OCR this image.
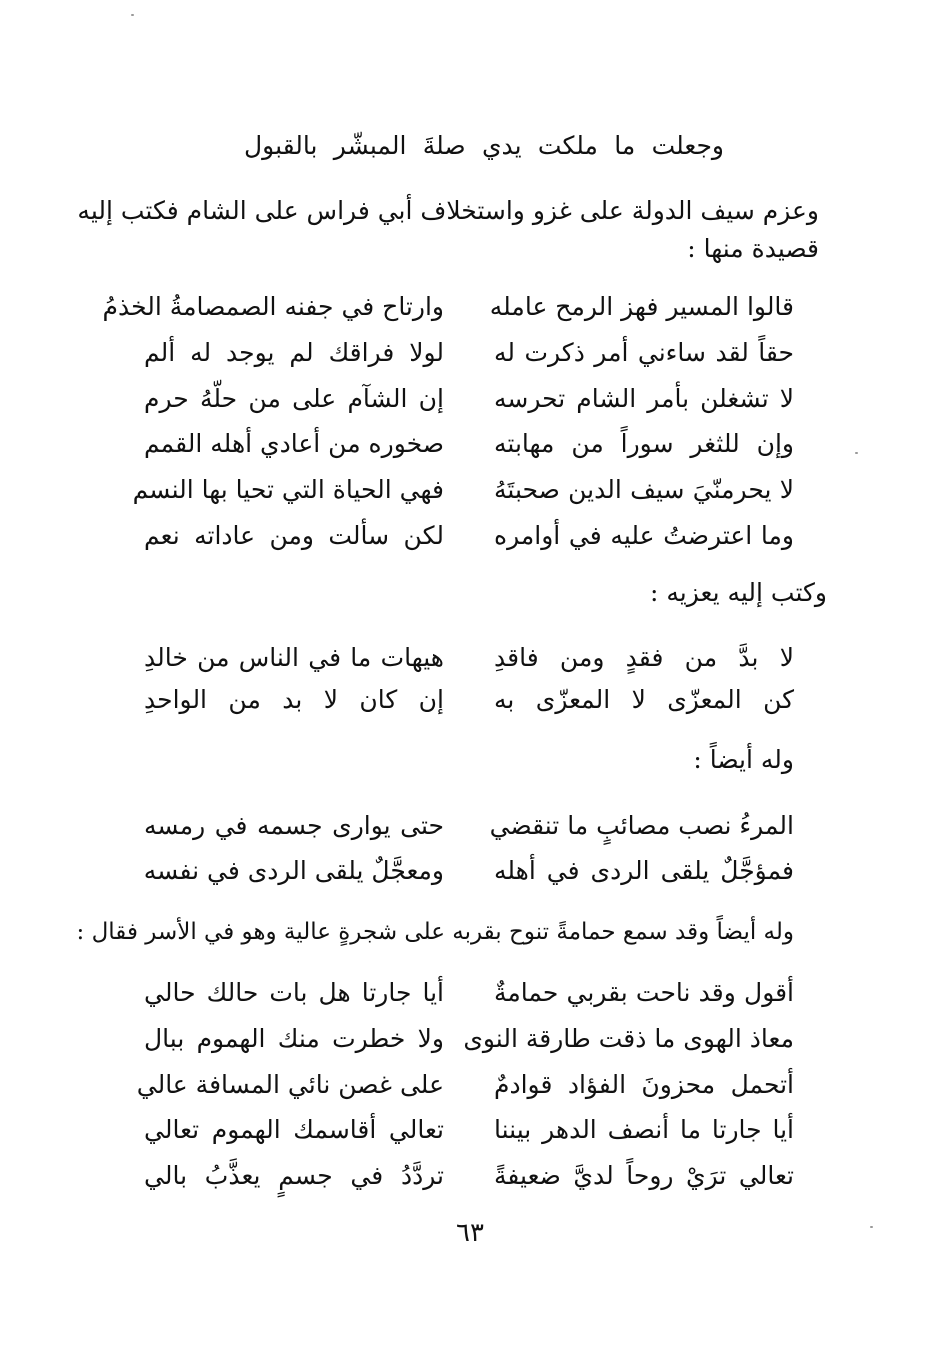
وجعلت ما ملكت يدي صلةَ المبشّر بالقبول
وعزم سيف الدولة على غزو واستخلاف أبي فراس على الشام فكتب إليه
قصيدة منها :
قالوا المسير فهز الرمح عامله
وارتاح في جفنه الصمصامةُ الخذمُ
حقاً لقد ساءني أمر ذكرت له
لولا فراقك لم يوجد له ألم
لا تشغلن بأمر الشام تحرسه
إن الشآم على من حلّهُ حرم
وإن للثغر سوراً من مهابته
صخوره من أعادي أهله القمم
لا يحرمنّيَ سيف الدين صحبتَهُ
فهي الحياة التي تحيا بها النسم
وما اعترضتُ عليه في أوامره
لكن سألت ومن عاداته نعم
وكتب إليه يعزيه :
لا بدَّ من فقدٍ ومن فاقدِ
هيهات ما في الناس من خالدِ
كن المعزّى لا المعزّى به
إن كان لا بد من الواحدِ
وله أيضاً :
المرءُ نصب مصائبٍ ما تنقضي
حتى يوارى جسمه في رمسه
فمؤجَّلٌ يلقى الردى في أهله
ومعجَّلٌ يلقى الردى في نفسه
وله أيضاً وقد سمع حمامةً تنوح بقربه على شجرةٍ عالية وهو في الأسر فقال :
أقول وقد ناحت بقربي حمامةٌ
أيا جارتا هل بات حالك حالي
معاذ الهوى ما ذقت طارقة النوى
ولا خطرت منك الهموم ببال
أتحمل محزونَ الفؤاد قوادمٌ
على غصن نائي المسافة عالي
أيا جارتا ما أنصف الدهر بيننا
تعالي أقاسمك الهموم تعالي
تعالي ترَيْ روحاً لديَّ ضعيفةً
تردَّدُ في جسمٍ يعذَّبُ بالي
٦٣
